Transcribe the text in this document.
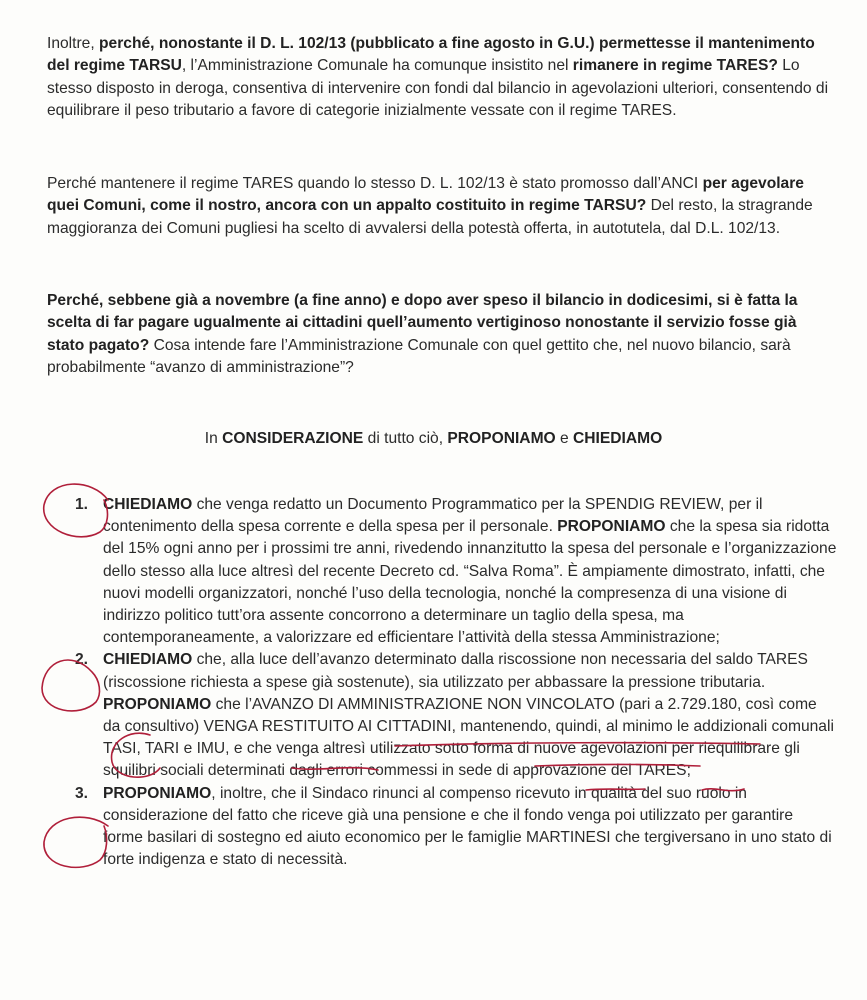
Inoltre, perché, nonostante il D. L. 102/13 (pubblicato a fine agosto in G.U.) permettesse il mantenimento del regime TARSU, l’Amministrazione Comunale ha comunque insistito nel rimanere in regime TARES? Lo stesso disposto in deroga, consentiva di intervenire con fondi dal bilancio in agevolazioni ulteriori, consentendo di equilibrare il peso tributario a favore di categorie inizialmente vessate con il regime TARES.

Perché mantenere il regime TARES quando lo stesso D. L. 102/13 è stato promosso dall’ANCI per agevolare quei Comuni, come il nostro, ancora con un appalto costituito in regime TARSU? Del resto, la stragrande maggioranza dei Comuni pugliesi ha scelto di avvalersi della potestà offerta, in autotutela, dal D.L. 102/13.

Perché, sebbene già a novembre (a fine anno) e dopo aver speso il bilancio in dodicesimi, si è fatta la scelta di far pagare ugualmente ai cittadini quell’aumento vertiginoso nonostante il servizio fosse già stato pagato? Cosa intende fare l’Amministrazione Comunale con quel gettito che, nel nuovo bilancio, sarà probabilmente “avanzo di amministrazione”?

In CONSIDERAZIONE di tutto ciò, PROPONIAMO e CHIEDIAMO

1. CHIEDIAMO che venga redatto un Documento Programmatico per la SPENDIG REVIEW, per il contenimento della spesa corrente e della spesa per il personale. PROPONIAMO che la spesa sia ridotta del 15% ogni anno per i prossimi tre anni, rivedendo innanzitutto la spesa del personale e l’organizzazione dello stesso alla luce altresì del recente Decreto cd. “Salva Roma”. È ampiamente dimostrato, infatti, che nuovi modelli organizzatori, nonché l’uso della tecnologia, nonché la compresenza di una visione di indirizzo politico tutt’ora assente concorrono a determinare un taglio della spesa, ma contemporaneamente, a valorizzare ed efficientare l’attività della stessa Amministrazione;
2. CHIEDIAMO che, alla luce dell’avanzo determinato dalla riscossione non necessaria del saldo TARES (riscossione richiesta a spese già sostenute), sia utilizzato per abbassare la pressione tributaria. PROPONIAMO che l’AVANZO DI AMMINISTRAZIONE NON VINCOLATO (pari a 2.729.180, così come da consultivo) VENGA RESTITUITO AI CITTADINI, mantenendo, quindi, al minimo le addizionali comunali TASI, TARI e IMU, e che venga altresì utilizzato sotto forma di nuove agevolazioni per riequilibrare gli squilibri sociali determinati dagli errori commessi in sede di approvazione del TARES;
3. PROPONIAMO, inoltre, che il Sindaco rinunci al compenso ricevuto in qualità del suo ruolo in considerazione del fatto che riceve già una pensione e che il fondo venga poi utilizzato per garantire forme basilari di sostegno ed aiuto economico per le famiglie MARTINESI che tergiversano in uno stato di forte indigenza e stato di necessità.
